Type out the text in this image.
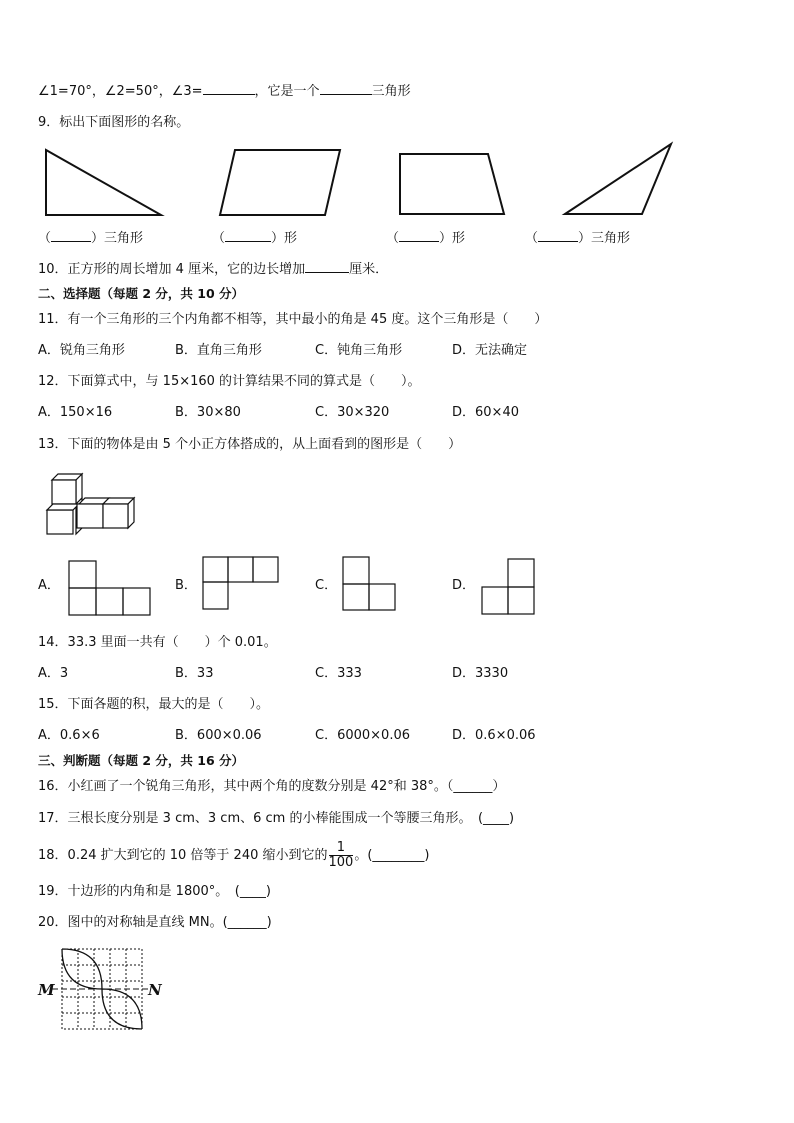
∠1=70°，∠2=50°，∠3=	，它是一个	三角形
9．标出下面图形的名称。
（	）三角形	（	）形	（	）形	（	）三角形
10．正方形的周长增加 4 厘米，它的边长增加	厘米．
二、选择题（每题 2 分，共 10 分）
11．有一个三角形的三个内角都不相等，其中最小的角是 45 度。这个三角形是（　　）
A．锐角三角形	B．直角三角形	C．钝角三角形	D．无法确定
12．下面算式中，与 15×160 的计算结果不同的算式是（　　）。
A．150×16	B．30×80	C．30×320	D．60×40
13．下面的物体是由 5 个小正方体搭成的，从上面看到的图形是（　　）
A．	B．	C．	D．
14．33.3 里面一共有（　　）个 0.01。
A．3	B．33	C．333	D．3330
15．下面各题的积，最大的是（　　）。
A．0.6×6	B．600×0.06	C．6000×0.06	D．0.6×0.06
三、判断题（每题 2 分，共 16 分）
16．小红画了一个锐角三角形，其中两个角的度数分别是 42°和 38°。（______）
17．三根长度分别是 3 cm、3 cm、6 cm 的小棒能围成一个等腰三角形。　(____)
18．0.24 扩大到它的 10 倍等于 240 缩小到它的 $\frac{1}{100}$ 。(________)
19．十边形的内角和是 1800°。　(____)
20．图中的对称轴是直线 MN。(______)
M	N
